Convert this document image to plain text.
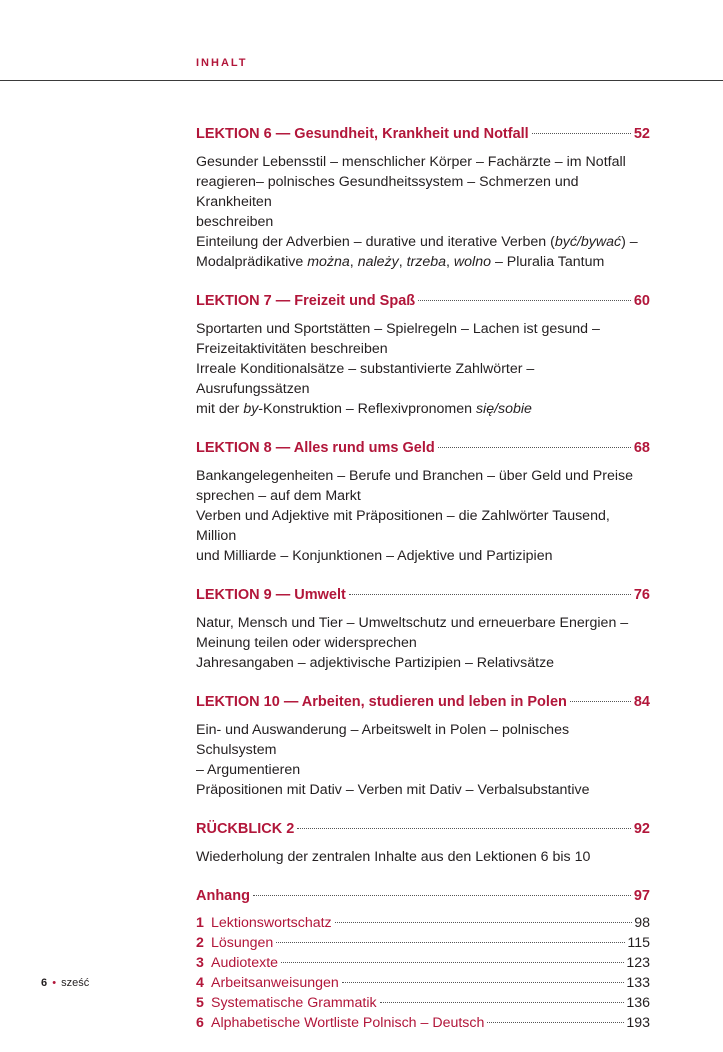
INHALT
LEKTION 6 — Gesundheit, Krankheit und Notfall	52

Gesunder Lebensstil – menschlicher Körper – Fachärzte – im Notfall

reagieren– polnisches Gesundheitssystem – Schmerzen und Krankheiten

beschreiben

Einteilung der Adverbien – durative und iterative Verben (być/bywać) –

Modalprädikative można, należy, trzeba, wolno – Pluralia Tantum

LEKTION 7 — Freizeit und Spaß	60

Sportarten und Sportstätten – Spielregeln – Lachen ist gesund –

Freizeitaktivitäten beschreiben

Irreale Konditionalsätze – substantivierte Zahlwörter – Ausrufungssätzen

mit der by-Konstruktion – Reflexivpronomen się/sobie

LEKTION 8 — Alles rund ums Geld	68

Bankangelegenheiten – Berufe und Branchen – über Geld und Preise

sprechen – auf dem Markt

Verben und Adjektive mit Präpositionen – die Zahlwörter Tausend, Million

und Milliarde – Konjunktionen – Adjektive und Partizipien

LEKTION 9 — Umwelt	76

Natur, Mensch und Tier – Umweltschutz und erneuerbare Energien –

Meinung teilen oder widersprechen

Jahresangaben – adjektivische Partizipien – Relativsätze

LEKTION 10 — Arbeiten, studieren und leben in Polen	84

Ein- und Auswanderung – Arbeitswelt in Polen – polnisches Schulsystem

– Argumentieren

Präpositionen mit Dativ – Verben mit Dativ – Verbalsubstantive

RÜCKBLICK 2	92

Wiederholung der zentralen Inhalte aus den Lektionen 6 bis 10

Anhang	97
1 Lektionswortschatz	98
2 Lösungen	115
3 Audiotexte	123
4 Arbeitsanweisungen	133
5 Systematische Grammatik	136
6 Alphabetische Wortliste Polnisch – Deutsch	193
6 • sześć
